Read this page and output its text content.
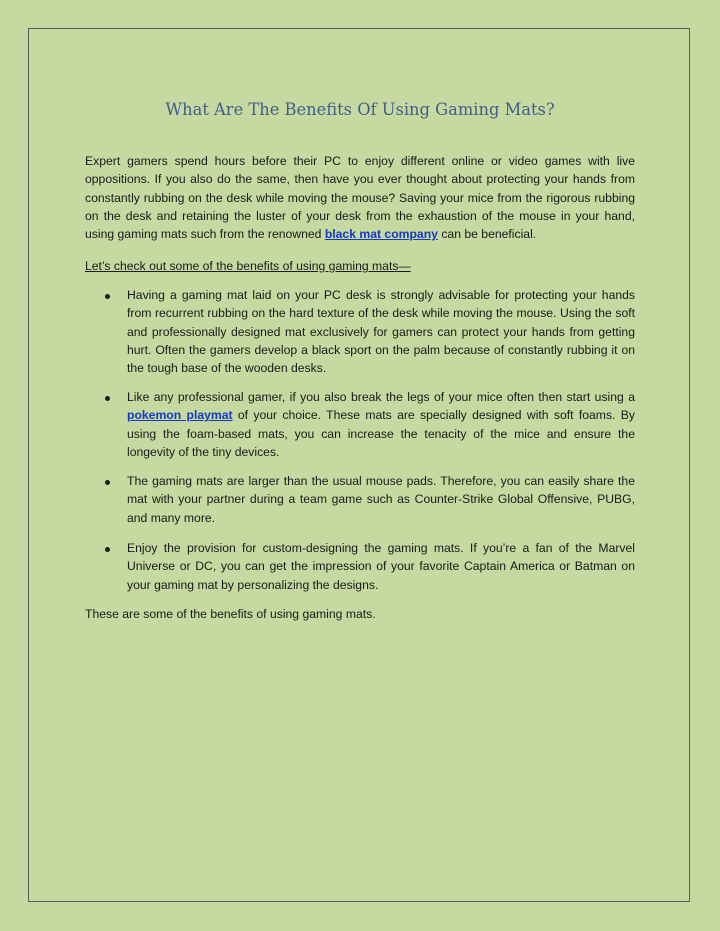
What Are The Benefits Of Using Gaming Mats?

Expert gamers spend hours before their PC to enjoy different online or video games with live oppositions. If you also do the same, then have you ever thought about protecting your hands from constantly rubbing on the desk while moving the mouse? Saving your mice from the rigorous rubbing on the desk and retaining the luster of your desk from the exhaustion of the mouse in your hand, using gaming mats such from the renowned black mat company can be beneficial.

Let’s check out some of the benefits of using gaming mats—

Having a gaming mat laid on your PC desk is strongly advisable for protecting your hands from recurrent rubbing on the hard texture of the desk while moving the mouse. Using the soft and professionally designed mat exclusively for gamers can protect your hands from getting hurt. Often the gamers develop a black sport on the palm because of constantly rubbing it on the tough base of the wooden desks.
Like any professional gamer, if you also break the legs of your mice often then start using a pokemon playmat of your choice. These mats are specially designed with soft foams. By using the foam-based mats, you can increase the tenacity of the mice and ensure the longevity of the tiny devices.
The gaming mats are larger than the usual mouse pads. Therefore, you can easily share the mat with your partner during a team game such as Counter-Strike Global Offensive, PUBG, and many more.
Enjoy the provision for custom-designing the gaming mats. If you’re a fan of the Marvel Universe or DC, you can get the impression of your favorite Captain America or Batman on your gaming mat by personalizing the designs.

These are some of the benefits of using gaming mats.
